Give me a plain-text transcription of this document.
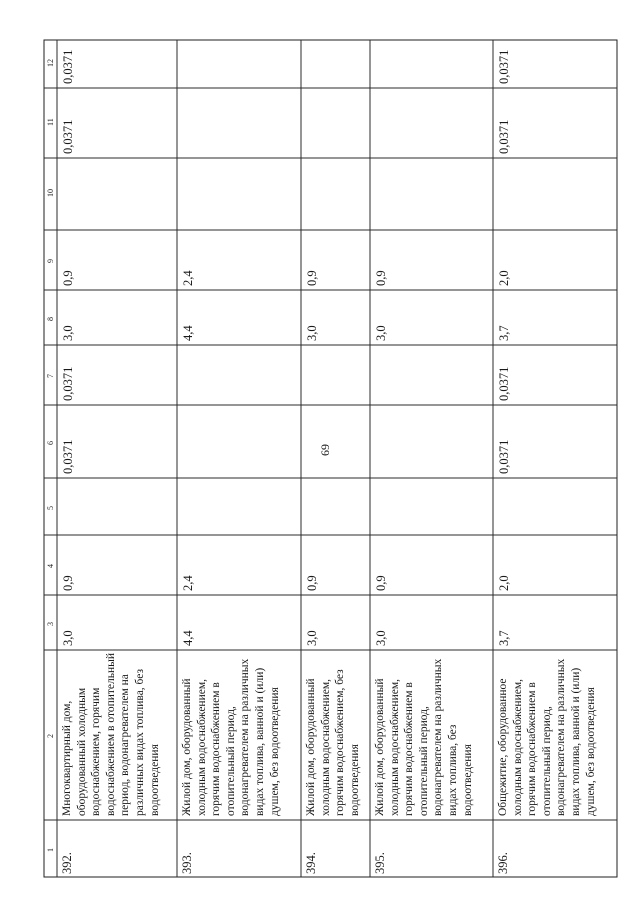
69
1
2
3
4
5
6
7
8
9
10
11
12
392.
Многоквартирный дом, оборудованный холодным водоснабжением, горячим водоснабжением в отопительный период, водонагревателем на различных видах топлива, без водоотведения
3,0
0,9
0,0371
0,0371
3,0
0,9
0,0371
0,0371
393.
Жилой дом, оборудованный холодным водоснабжением, горячим водоснабжением в отопительный период, водонагревателем на различных видах топлива, ванной и (или) душем, без водоотведения
4,4
2,4
4,4
2,4
394.
Жилой дом, оборудованный холодным водоснабжением, горячим водоснабжением, без водоотведения
3,0
0,9
3,0
0,9
395.
Жилой дом, оборудованный холодным водоснабжением, горячим водоснабжением в отопительный период, водонагревателем на различных видах топлива, без водоотведения
3,0
0,9
3,0
0,9
396.
Общежитие, оборудованное холодным водоснабжением, горячим водоснабжением в отопительный период, водонагревателем на различных видах топлива, ванной и (или) душем, без водоотведения
3,7
2,0
0,0371
0,0371
3,7
2,0
0,0371
0,0371
